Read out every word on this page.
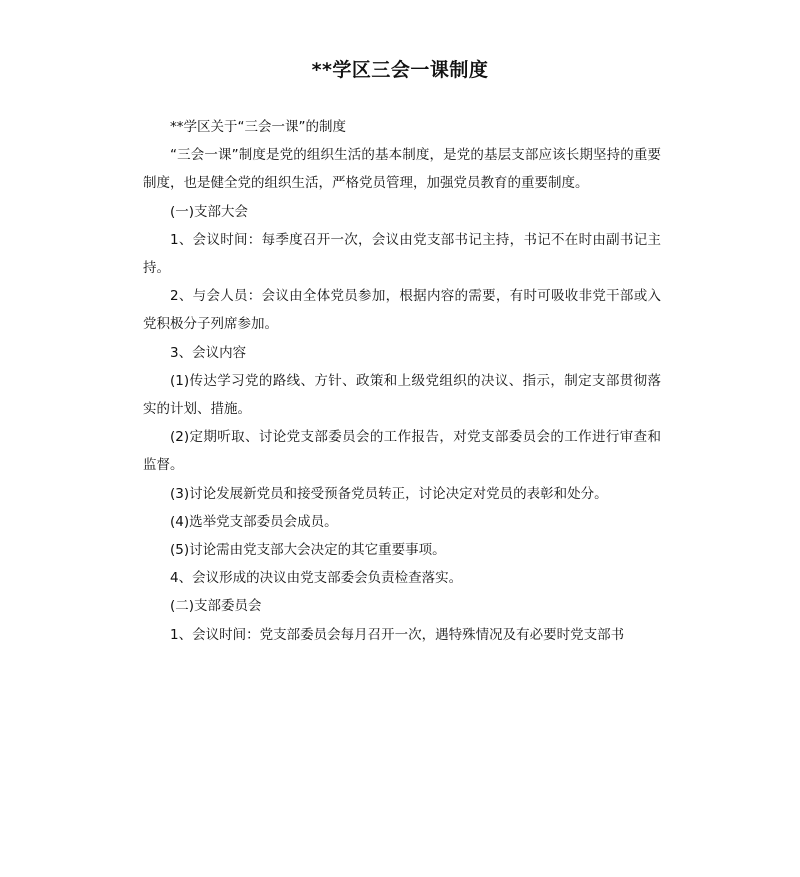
**学区三会一课制度

**学区关于“三会一课”的制度

“三会一课”制度是党的组织生活的基本制度，是党的基层支部应该长期坚持的重要制度，也是健全党的组织生活，严格党员管理，加强党员教育的重要制度。

(一)支部大会

1、会议时间：每季度召开一次，会议由党支部书记主持，书记不在时由副书记主持。

2、与会人员：会议由全体党员参加，根据内容的需要，有时可吸收非党干部或入党积极分子列席参加。

3、会议内容

(1)传达学习党的路线、方针、政策和上级党组织的决议、指示，制定支部贯彻落实的计划、措施。

(2)定期听取、讨论党支部委员会的工作报告，对党支部委员会的工作进行审查和监督。

(3)讨论发展新党员和接受预备党员转正，讨论决定对党员的表彰和处分。

(4)选举党支部委员会成员。

(5)讨论需由党支部大会决定的其它重要事项。

4、会议形成的决议由党支部委会负责检查落实。

(二)支部委员会

1、会议时间：党支部委员会每月召开一次，遇特殊情况及有必要时党支部书
